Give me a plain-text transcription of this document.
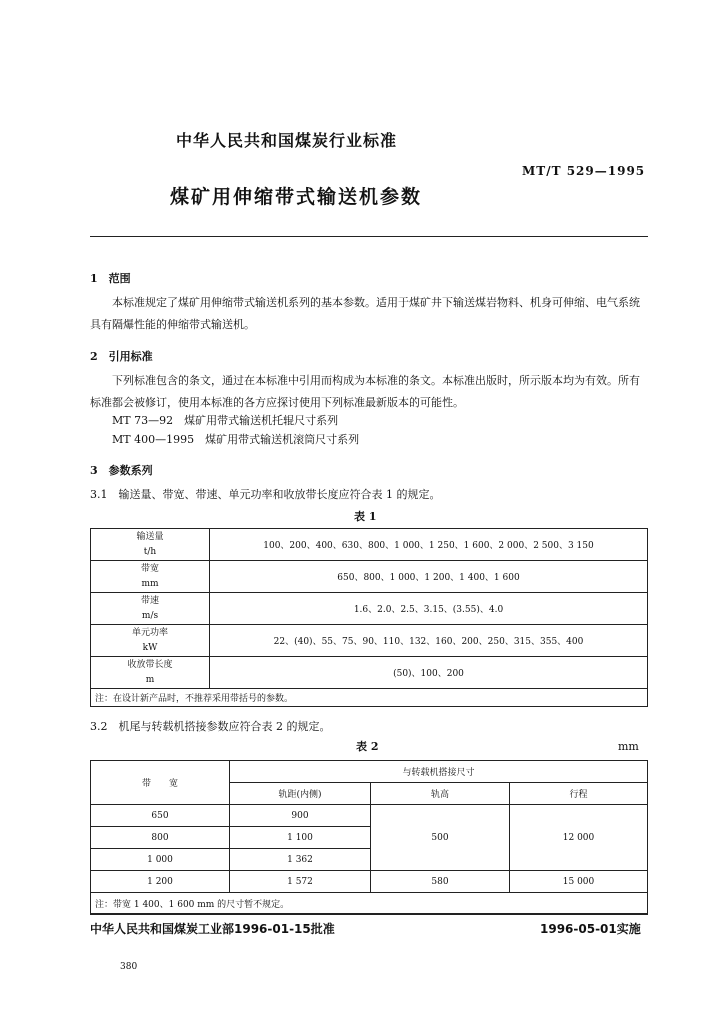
中华人民共和国煤炭行业标准
MT/T 529—1995
煤矿用伸缩带式输送机参数
1　范围
本标准规定了煤矿用伸缩带式输送机系列的基本参数。适用于煤矿井下输送煤岩物料、机身可伸缩、电气系统具有隔爆性能的伸缩带式输送机。
2　引用标准
下列标准包含的条文，通过在本标准中引用而构成为本标准的条文。本标准出版时，所示版本均为有效。所有标准都会被修订，使用本标准的各方应探讨使用下列标准最新版本的可能性。
MT 73—92　煤矿用带式输送机托辊尺寸系列
MT 400—1995　煤矿用带式输送机滚筒尺寸系列
3　参数系列
3.1　输送量、带宽、带速、单元功率和收放带长度应符合表 1 的规定。
表 1
输送量
t/h	100、200、400、630、800、1 000、1 250、1 600、2 000、2 500、3 150
带宽
mm	650、800、1 000、1 200、1 400、1 600
带速
m/s	1.6、2.0、2.5、3.15、(3.55)、4.0
单元功率
kW	22、(40)、55、75、90、110、132、160、200、250、315、355、400
收放带长度
m	(50)、100、200
注：在设计新产品时，不推荐采用带括号的参数。	
3.2　机尾与转载机搭接参数应符合表 2 的规定。
表 2	mm
带　　宽	与转载机搭接尺寸		
	轨距(内侧)	轨高	行程
650	900	500	12 000
800	1 100		
1 000	1 362		
1 200	1 572	580	15 000
注：带宽 1 400、1 600 mm 的尺寸暂不规定。			
中华人民共和国煤炭工业部1996-01-15批准	1996-05-01实施
380
